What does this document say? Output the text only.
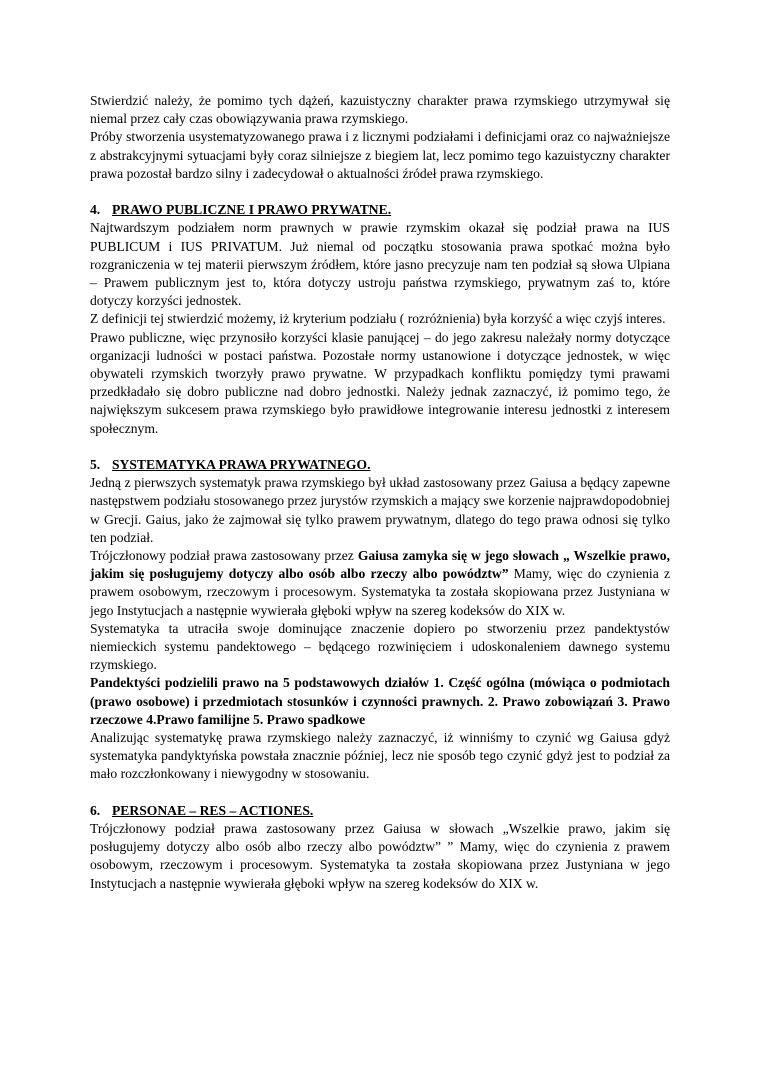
Stwierdzić należy, że pomimo tych dążeń, kazuistyczny charakter prawa rzymskiego utrzymywał się niemal przez cały czas obowiązywania prawa rzymskiego.

Próby stworzenia usystematyzowanego prawa i z licznymi podziałami i definicjami oraz co najważniejsze z abstrakcyjnymi sytuacjami były coraz silniejsze z biegiem lat, lecz pomimo tego kazuistyczny charakter prawa pozostał bardzo silny i zadecydował o aktualności źródeł prawa rzymskiego.

4. PRAWO PUBLICZNE I PRAWO PRYWATNE.

Najtwardszym podziałem norm prawnych w prawie rzymskim okazał się podział prawa na IUS PUBLICUM i IUS PRIVATUM. Już niemal od początku stosowania prawa spotkać można było rozgraniczenia w tej materii pierwszym źródłem, które jasno precyzuje nam ten podział są słowa Ulpiana – Prawem publicznym jest to, która dotyczy ustroju państwa rzymskiego, prywatnym zaś to, które dotyczy korzyści jednostek.

Z definicji tej stwierdzić możemy, iż kryterium podziału ( rozróżnienia) była korzyść a więc czyjś interes.

Prawo publiczne, więc przynosiło korzyści klasie panującej – do jego zakresu należały normy dotyczące organizacji ludności w postaci państwa. Pozostałe normy ustanowione i dotyczące jednostek, w więc obywateli rzymskich tworzyły prawo prywatne. W przypadkach konfliktu pomiędzy tymi prawami przedkładało się dobro publiczne nad dobro jednostki. Należy jednak zaznaczyć, iż pomimo tego, że największym sukcesem prawa rzymskiego było prawidłowe integrowanie interesu jednostki z interesem społecznym.

5. SYSTEMATYKA PRAWA PRYWATNEGO.

Jedną z pierwszych systematyk prawa rzymskiego był układ zastosowany przez Gaiusa a będący zapewne następstwem podziału stosowanego przez jurystów rzymskich a mający swe korzenie najprawdopodobniej w Grecji. Gaius, jako że zajmował się tylko prawem prywatnym, dlatego do tego prawa odnosi się tylko ten podział.

Trójczłonowy podział prawa zastosowany przez Gaiusa zamyka się w jego słowach „ Wszelkie prawo, jakim się posługujemy dotyczy albo osób albo rzeczy albo powództw” Mamy, więc do czynienia z prawem osobowym, rzeczowym i procesowym. Systematyka ta została skopiowana przez Justyniana w jego Instytucjach a następnie wywierała głęboki wpływ na szereg kodeksów do XIX w.

Systematyka ta utraciła swoje dominujące znaczenie dopiero po stworzeniu przez pandektystów niemieckich systemu pandektowego – będącego rozwinięciem i udoskonaleniem dawnego systemu rzymskiego.

Pandektyści podzielili prawo na 5 podstawowych działów 1. Część ogólna (mówiąca o podmiotach (prawo osobowe) i przedmiotach stosunków i czynności prawnych. 2. Prawo zobowiązań 3. Prawo rzeczowe 4.Prawo familijne 5. Prawo spadkowe

Analizując systematykę prawa rzymskiego należy zaznaczyć, iż winniśmy to czynić wg Gaiusa gdyż systematyka pandyktyńska powstała znacznie później, lecz nie sposób tego czynić gdyż jest to podział za mało rozczłonkowany i niewygodny w stosowaniu.

6. PERSONAE – RES – ACTIONES.

Trójczłonowy podział prawa zastosowany przez Gaiusa w słowach „Wszelkie prawo, jakim się posługujemy dotyczy albo osób albo rzeczy albo powództw” ” Mamy, więc do czynienia z prawem osobowym, rzeczowym i procesowym. Systematyka ta została skopiowana przez Justyniana w jego Instytucjach a następnie wywierała głęboki wpływ na szereg kodeksów do XIX w.
